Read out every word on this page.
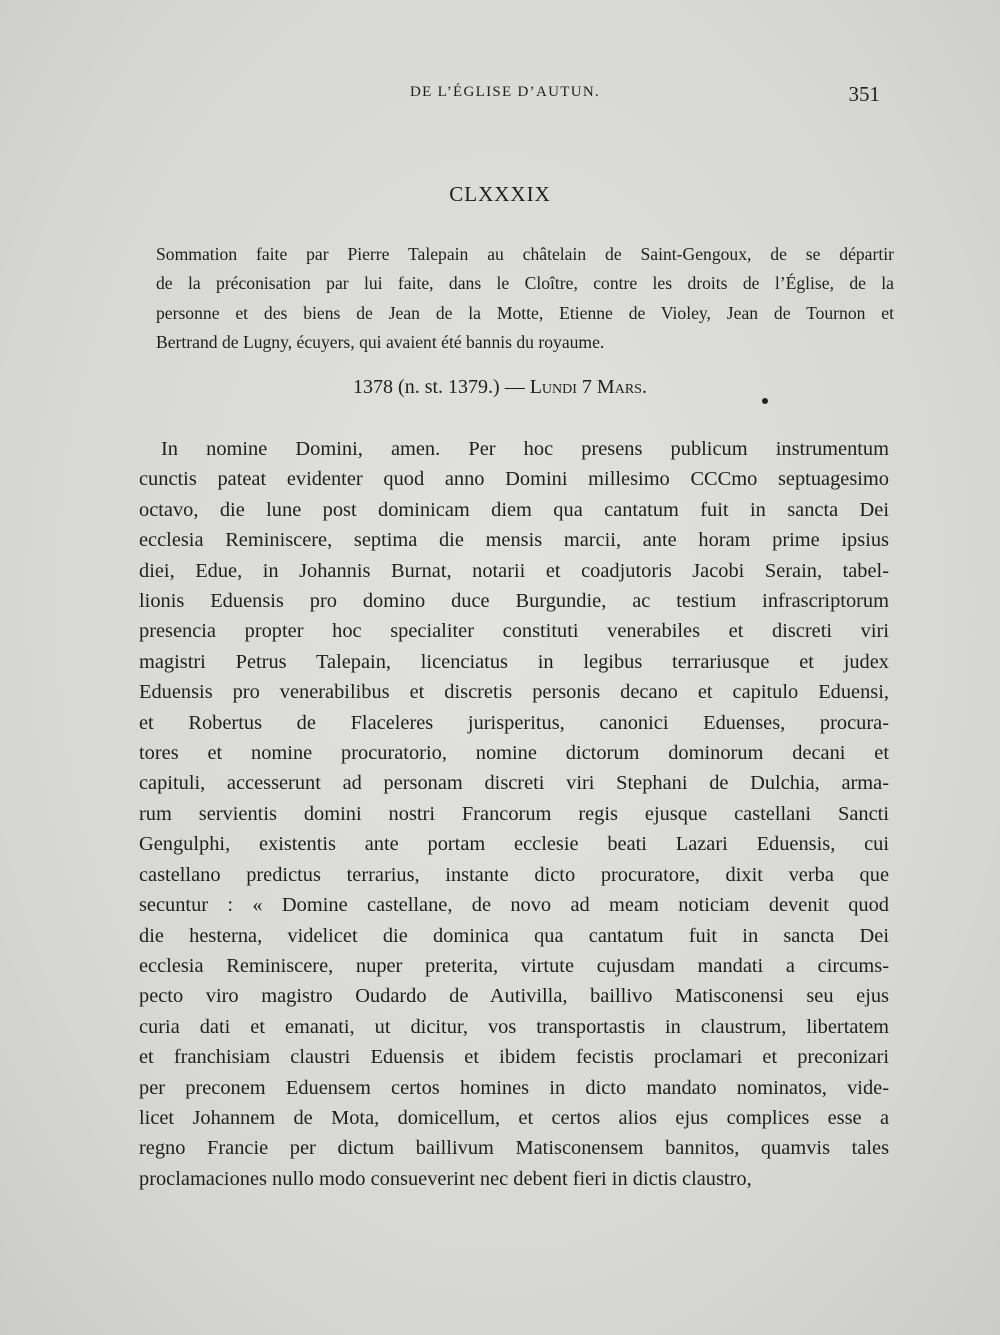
DE L’ÉGLISE D’AUTUN.	351
CLXXXIX
Sommation faite par Pierre Talepain au châtelain de Saint-Gengoux, de se départir
de la préconisation par lui faite, dans le Cloître, contre les droits de l’Église, de la
personne et des biens de Jean de la Motte, Etienne de Violey, Jean de Tournon et
Bertrand de Lugny, écuyers, qui avaient été bannis du royaume.
1378 (n. st. 1379.) — Lundi 7 Mars.
In nomine Domini, amen. Per hoc presens publicum instrumentum
cunctis pateat evidenter quod anno Domini millesimo CCCmo septuagesimo
octavo, die lune post dominicam diem qua cantatum fuit in sancta Dei
ecclesia Reminiscere, septima die mensis marcii, ante horam prime ipsius
diei, Edue, in Johannis Burnat, notarii et coadjutoris Jacobi Serain, tabel-
lionis Eduensis pro domino duce Burgundie, ac testium infrascriptorum
presencia propter hoc specialiter constituti venerabiles et discreti viri
magistri Petrus Talepain, licenciatus in legibus terrariusque et judex
Eduensis pro venerabilibus et discretis personis decano et capitulo Eduensi,
et Robertus de Flaceleres jurisperitus, canonici Eduenses, procura-
tores et nomine procuratorio, nomine dictorum dominorum decani et
capituli, accesserunt ad personam discreti viri Stephani de Dulchia, arma-
rum servientis domini nostri Francorum regis ejusque castellani Sancti
Gengulphi, existentis ante portam ecclesie beati Lazari Eduensis, cui
castellano predictus terrarius, instante dicto procuratore, dixit verba que
secuntur : « Domine castellane, de novo ad meam noticiam devenit quod
die hesterna, videlicet die dominica qua cantatum fuit in sancta Dei
ecclesia Reminiscere, nuper preterita, virtute cujusdam mandati a circums-
pecto viro magistro Oudardo de Autivilla, baillivo Matisconensi seu ejus
curia dati et emanati, ut dicitur, vos transportastis in claustrum, libertatem
et franchisiam claustri Eduensis et ibidem fecistis proclamari et preconizari
per preconem Eduensem certos homines in dicto mandato nominatos, vide-
licet Johannem de Mota, domicellum, et certos alios ejus complices esse a
regno Francie per dictum baillivum Matisconensem bannitos, quamvis tales
proclamaciones nullo modo consueverint nec debent fieri in dictis claustro,
